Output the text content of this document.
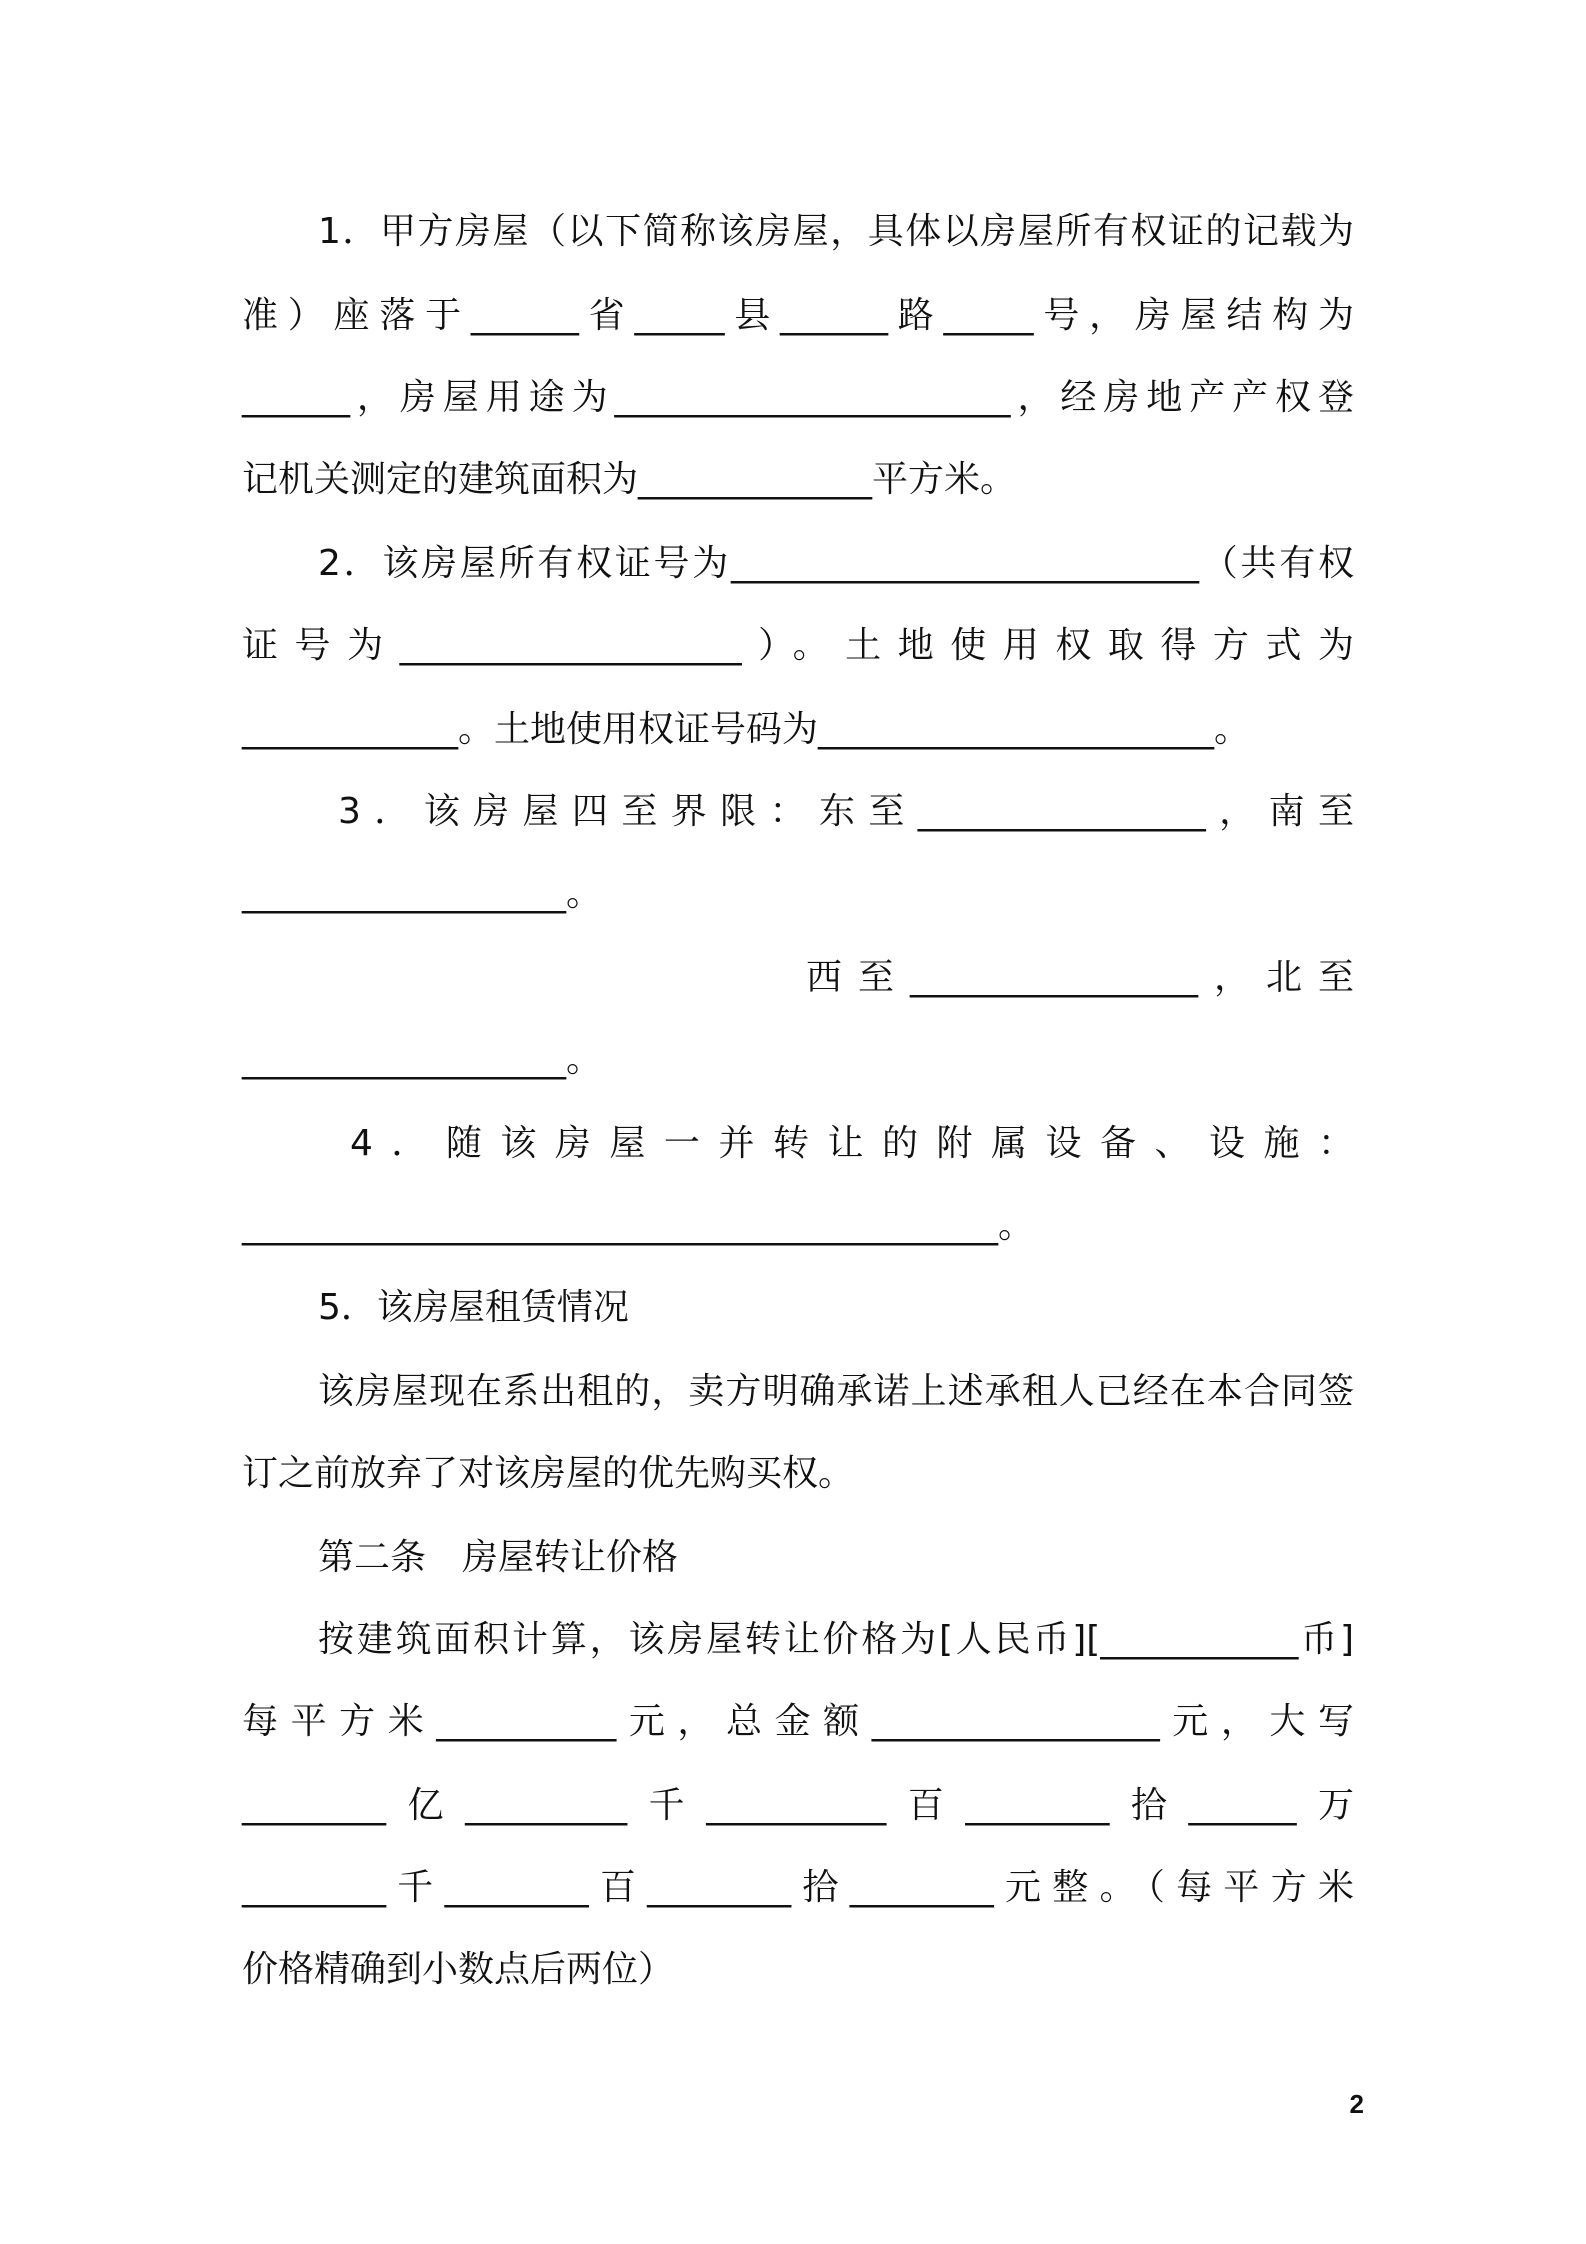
1．甲方房屋（以下简称该房屋，具体以房屋所有权证的记载为

准）座落于______省_____县______路_____号，房屋结构为

______，房屋用途为______________________，经房地产产权登

记机关测定的建筑面积为_____________平方米。

2．该房屋所有权证号为__________________________（共有权

证号为___________________）。土地使用权取得方式为

____________。土地使用权证号码为______________________。

3．该房屋四至界限：东至________________，南至

__________________。

西至________________，北至

__________________。

4．随该房屋一并转让的附属设备、设施：

__________________________________________。

5．该房屋租赁情况

该房屋现在系出租的，卖方明确承诺上述承租人已经在本合同签

订之前放弃了对该房屋的优先购买权。

第二条　房屋转让价格

按建筑面积计算，该房屋转让价格为[人民币][___________币]

每平方米__________元，总金额________________元，大写

________亿_________千__________百________拾______万

________千________百________拾________元整。（每平方米

价格精确到小数点后两位）

2
